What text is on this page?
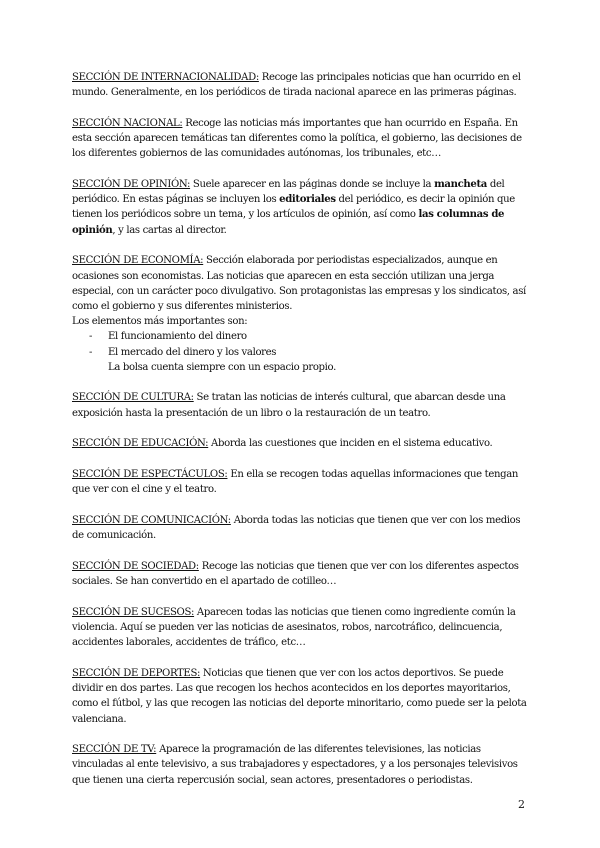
SECCIÓN DE INTERNACIONALIDAD: Recoge las principales noticias que han ocurrido en el mundo. Generalmente, en los periódicos de tirada nacional aparece en las primeras páginas.

SECCIÓN NACIONAL: Recoge las noticias más importantes que han ocurrido en España. En esta sección aparecen temáticas tan diferentes como la política, el gobierno, las decisiones de los diferentes gobiernos de las comunidades autónomas, los tribunales, etc…

SECCIÓN DE OPINIÓN: Suele aparecer en las páginas donde se incluye la mancheta del periódico. En estas páginas se incluyen los editoriales del periódico, es decir la opinión que tienen los periódicos sobre un tema, y los artículos de opinión, así como las columnas de opinión, y las cartas al director.

SECCIÓN DE ECONOMÍA: Sección elaborada por periodistas especializados, aunque en ocasiones son economistas. Las noticias que aparecen en esta sección utilizan una jerga especial, con un carácter poco divulgativo. Son protagonistas las empresas y los sindicatos, así como el gobierno y sus diferentes ministerios.
Los elementos más importantes son:
- El funcionamiento del dinero
- El mercado del dinero y los valores
La bolsa cuenta siempre con un espacio propio.

SECCIÓN DE CULTURA: Se tratan las noticias de interés cultural, que abarcan desde una exposición hasta la presentación de un libro o la restauración de un teatro.

SECCIÓN DE EDUCACIÓN: Aborda las cuestiones que inciden en el sistema educativo.

SECCIÓN DE ESPECTÁCULOS: En ella se recogen todas aquellas informaciones que tengan que ver con el cine y el teatro.

SECCIÓN DE COMUNICACIÓN: Aborda todas las noticias que tienen que ver con los medios de comunicación.

SECCIÓN DE SOCIEDAD: Recoge las noticias que tienen que ver con los diferentes aspectos sociales. Se han convertido en el apartado de cotilleo…

SECCIÓN DE SUCESOS: Aparecen todas las noticias que tienen como ingrediente común la violencia. Aquí se pueden ver las noticias de asesinatos, robos, narcotráfico, delincuencia, accidentes laborales, accidentes de tráfico, etc…

SECCIÓN DE DEPORTES: Noticias que tienen que ver con los actos deportivos. Se puede dividir en dos partes. Las que recogen los hechos acontecidos en los deportes mayoritarios, como el fútbol, y las que recogen las noticias del deporte minoritario, como puede ser la pelota valenciana.

SECCIÓN DE TV: Aparece la programación de las diferentes televisiones, las noticias vinculadas al ente televisivo, a sus trabajadores y espectadores, y a los personajes televisivos que tienen una cierta repercusión social, sean actores, presentadores o periodistas.

2
